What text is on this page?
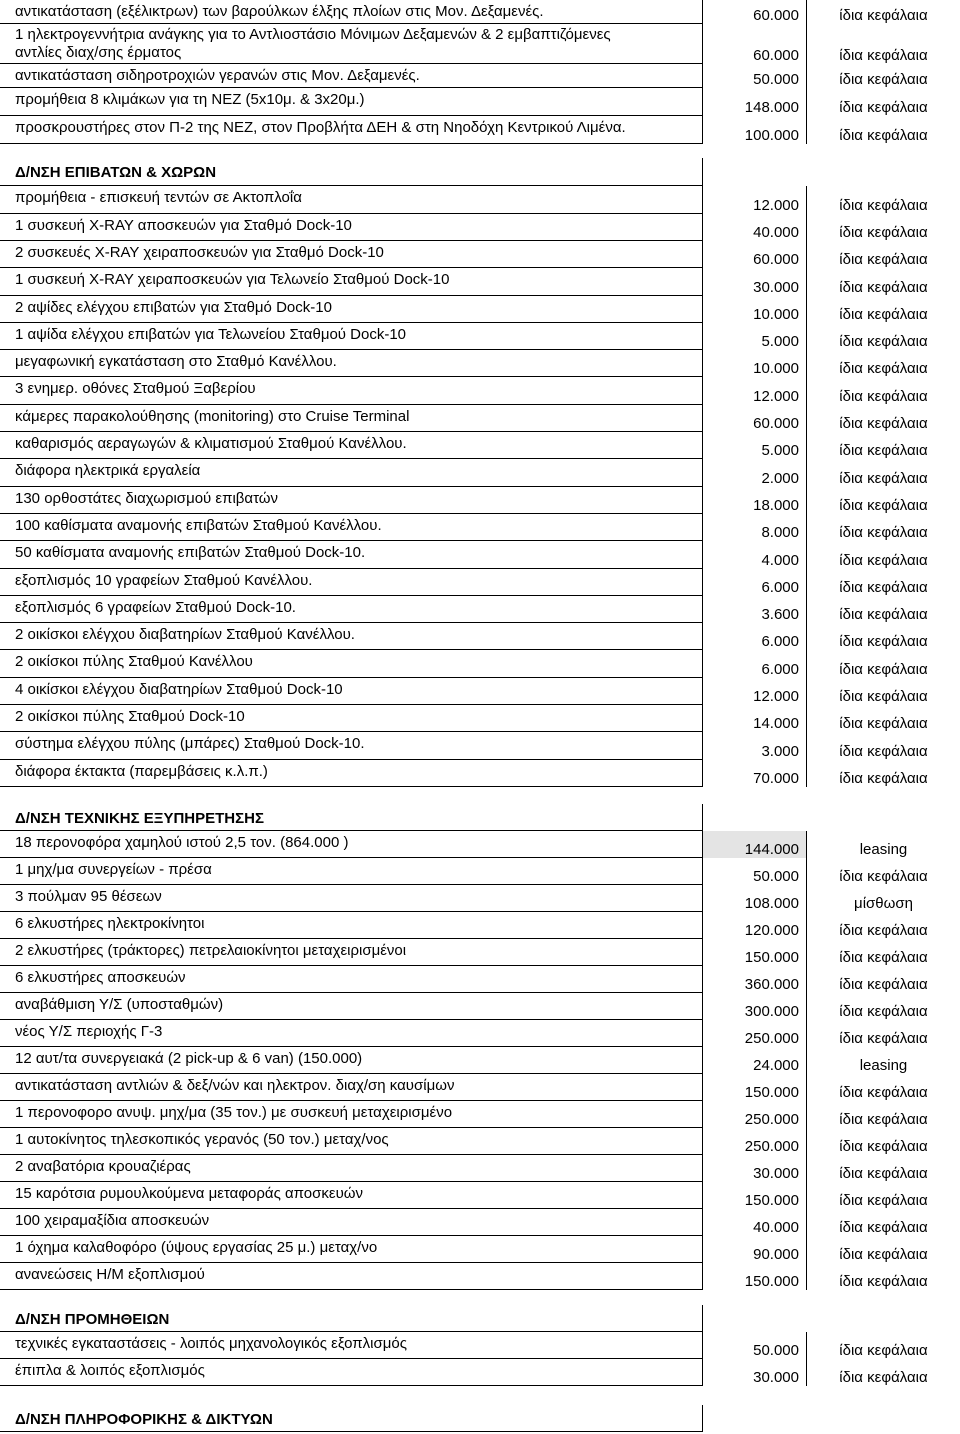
αντικατάσταση (εξέλικτρων) των βαρούλκων έλξης πλοίων στις Μον. Δεξαμενές.	60.000	ίδια κεφάλαια
1 ηλεκτρογεννήτρια ανάγκης για το Αντλιοστάσιο Μόνιμων Δεξαμενών & 2 εμβαπτιζόμενες
αντλίες διαχ/σης έρματος	60.000	ίδια κεφάλαια
αντικατάσταση σιδηροτροχιών γερανών στις Μον. Δεξαμενές.	50.000	ίδια κεφάλαια
προμήθεια 8 κλιμάκων για τη ΝΕΖ (5x10μ. & 3x20μ.)	148.000	ίδια κεφάλαια
προσκρουστήρες στον Π-2 της ΝΕΖ, στον Προβλήτα ΔΕΗ & στη Νηοδόχη Κεντρικού Λιμένα.	100.000	ίδια κεφάλαια
Δ/ΝΣΗ ΕΠΙΒΑΤΩΝ & ΧΩΡΩΝ
προμήθεια - επισκευή τεντών σε Ακτοπλοΐα	12.000	ίδια κεφάλαια
1 συσκευή X-RAY αποσκευών για Σταθμό Dock-10	40.000	ίδια κεφάλαια
2 συσκευές X-RAY χειραποσκευών για Σταθμό Dock-10	60.000	ίδια κεφάλαια
1 συσκευή X-RAY χειραποσκευών για Τελωνείο Σταθμού Dock-10	30.000	ίδια κεφάλαια
2 αψίδες ελέγχου επιβατών για Σταθμό Dock-10	10.000	ίδια κεφάλαια
1 αψίδα ελέγχου επιβατών για Τελωνείου Σταθμού Dock-10	5.000	ίδια κεφάλαια
μεγαφωνική εγκατάσταση στο Σταθμό Κανέλλου.	10.000	ίδια κεφάλαια
3 ενημερ. οθόνες Σταθμού Ξαβερίου	12.000	ίδια κεφάλαια
κάμερες παρακολούθησης (monitoring) στο Cruise Terminal	60.000	ίδια κεφάλαια
καθαρισμός αεραγωγών & κλιματισμού Σταθμού Κανέλλου.	5.000	ίδια κεφάλαια
διάφορα ηλεκτρικά εργαλεία	2.000	ίδια κεφάλαια
130 ορθοστάτες διαχωρισμού επιβατών	18.000	ίδια κεφάλαια
100 καθίσματα αναμονής επιβατών Σταθμού Κανέλλου.	8.000	ίδια κεφάλαια
50 καθίσματα αναμονής επιβατών Σταθμού Dock-10.	4.000	ίδια κεφάλαια
εξοπλισμός 10 γραφείων Σταθμού Κανέλλου.	6.000	ίδια κεφάλαια
εξοπλισμός 6 γραφείων Σταθμού Dock-10.	3.600	ίδια κεφάλαια
2 οικίσκοι ελέγχου διαβατηρίων Σταθμού Κανέλλου.	6.000	ίδια κεφάλαια
2 οικίσκοι πύλης Σταθμού Κανέλλου	6.000	ίδια κεφάλαια
4 οικίσκοι ελέγχου διαβατηρίων Σταθμού Dock-10	12.000	ίδια κεφάλαια
2 οικίσκοι πύλης Σταθμού Dock-10	14.000	ίδια κεφάλαια
σύστημα ελέγχου πύλης (μπάρες) Σταθμού Dock-10.	3.000	ίδια κεφάλαια
διάφορα έκτακτα (παρεμβάσεις κ.λ.π.)	70.000	ίδια κεφάλαια
Δ/ΝΣΗ ΤΕΧΝΙΚΗΣ ΕΞΥΠΗΡΕΤΗΣΗΣ
18 περονοφόρα χαμηλού ιστού 2,5 τον. (864.000 )	144.000	leasing
1 μηχ/μα συνεργείων - πρέσα	50.000	ίδια κεφάλαια
3 πούλμαν 95 θέσεων	108.000	μίσθωση
6 ελκυστήρες ηλεκτροκίνητοι	120.000	ίδια κεφάλαια
2 ελκυστήρες (τράκτορες) πετρελαιοκίνητοι μεταχειρισμένοι	150.000	ίδια κεφάλαια
6 ελκυστήρες αποσκευών	360.000	ίδια κεφάλαια
αναβάθμιση Υ/Σ (υποσταθμών)	300.000	ίδια κεφάλαια
νέος Υ/Σ περιοχής Γ-3	250.000	ίδια κεφάλαια
12 αυτ/τα συνεργειακά (2 pick-up & 6 van) (150.000)	24.000	leasing
αντικατάσταση αντλιών & δεξ/νών και ηλεκτρον. διαχ/ση καυσίμων	150.000	ίδια κεφάλαια
1 περονοφορο ανυψ. μηχ/μα (35 τον.) με συσκευή μεταχειρισμένο	250.000	ίδια κεφάλαια
1 αυτοκίνητος τηλεσκοπικός γερανός (50 τον.) μεταχ/νος	250.000	ίδια κεφάλαια
2 αναβατόρια κρουαζιέρας	30.000	ίδια κεφάλαια
15 καρότσια ρυμουλκούμενα μεταφοράς αποσκευών	150.000	ίδια κεφάλαια
100 χειραμαξίδια αποσκευών	40.000	ίδια κεφάλαια
1 όχημα καλαθοφόρο (ύψους εργασίας 25 μ.) μεταχ/νο	90.000	ίδια κεφάλαια
ανανεώσεις Η/Μ εξοπλισμού	150.000	ίδια κεφάλαια
Δ/ΝΣΗ ΠΡΟΜΗΘΕΙΩΝ
τεχνικές εγκαταστάσεις - λοιπός μηχανολογικός εξοπλισμός	50.000	ίδια κεφάλαια
έπιπλα & λοιπός εξοπλισμός	30.000	ίδια κεφάλαια
Δ/ΝΣΗ ΠΛΗΡΟΦΟΡΙΚΗΣ & ΔΙΚΤΥΩΝ
